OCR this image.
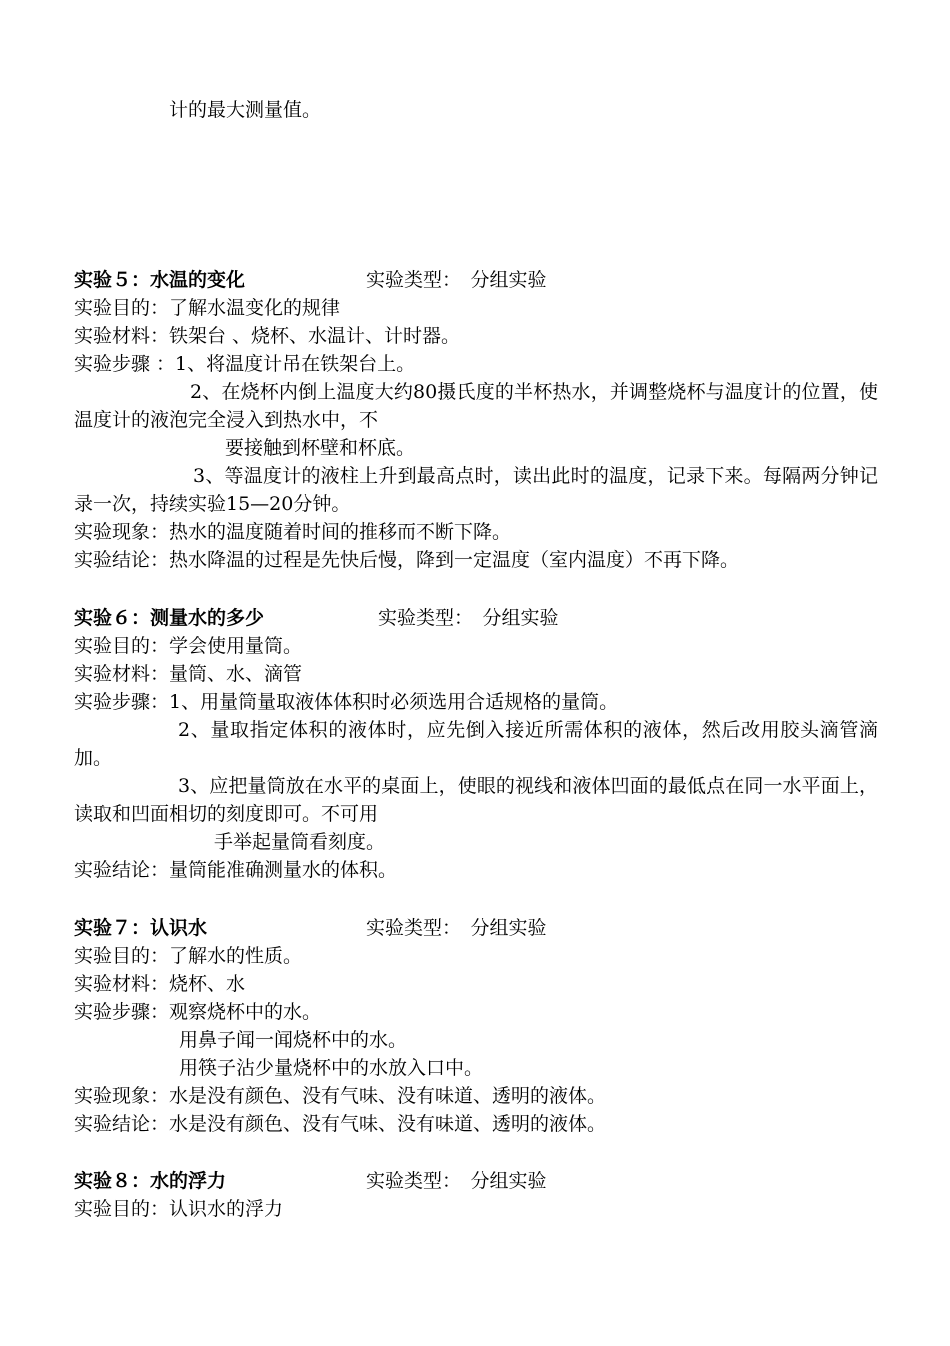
计的最大测量值。
实验５：水温的变化	实验类型：　分组实验
实验目的：了解水温变化的规律
实验材料：铁架台 、烧杯、水温计、计时器。
实验步骤 ：1、将温度计吊在铁架台上。
2、在烧杯内倒上温度大约80摄氏度的半杯热水，并调整烧杯与温度计的位置，使温度计的液泡完全浸入到热水中，不
要接触到杯壁和杯底。
3、等温度计的液柱上升到最高点时，读出此时的温度，记录下来。每隔两分钟记录一次，持续实验15—20分钟。
实验现象：热水的温度随着时间的推移而不断下降。
实验结论：热水降温的过程是先快后慢，降到一定温度（室内温度）不再下降。
实验６：测量水的多少	实验类型：　分组实验
实验目的：学会使用量筒。
实验材料：量筒、水、滴管
实验步骤：1、用量筒量取液体体积时必须选用合适规格的量筒。
2、量取指定体积的液体时，应先倒入接近所需体积的液体，然后改用胶头滴管滴加。
3、应把量筒放在水平的桌面上，使眼的视线和液体凹面的最低点在同一水平面上，读取和凹面相切的刻度即可。不可用
手举起量筒看刻度。
实验结论：量筒能准确测量水的体积。
实验７：认识水	实验类型：　分组实验
实验目的：了解水的性质。
实验材料：烧杯、水
实验步骤：观察烧杯中的水。
用鼻子闻一闻烧杯中的水。
用筷子沾少量烧杯中的水放入口中。
实验现象：水是没有颜色、没有气味、没有味道、透明的液体。
实验结论：水是没有颜色、没有气味、没有味道、透明的液体。
实验８：水的浮力	实验类型：　分组实验
实验目的：认识水的浮力
